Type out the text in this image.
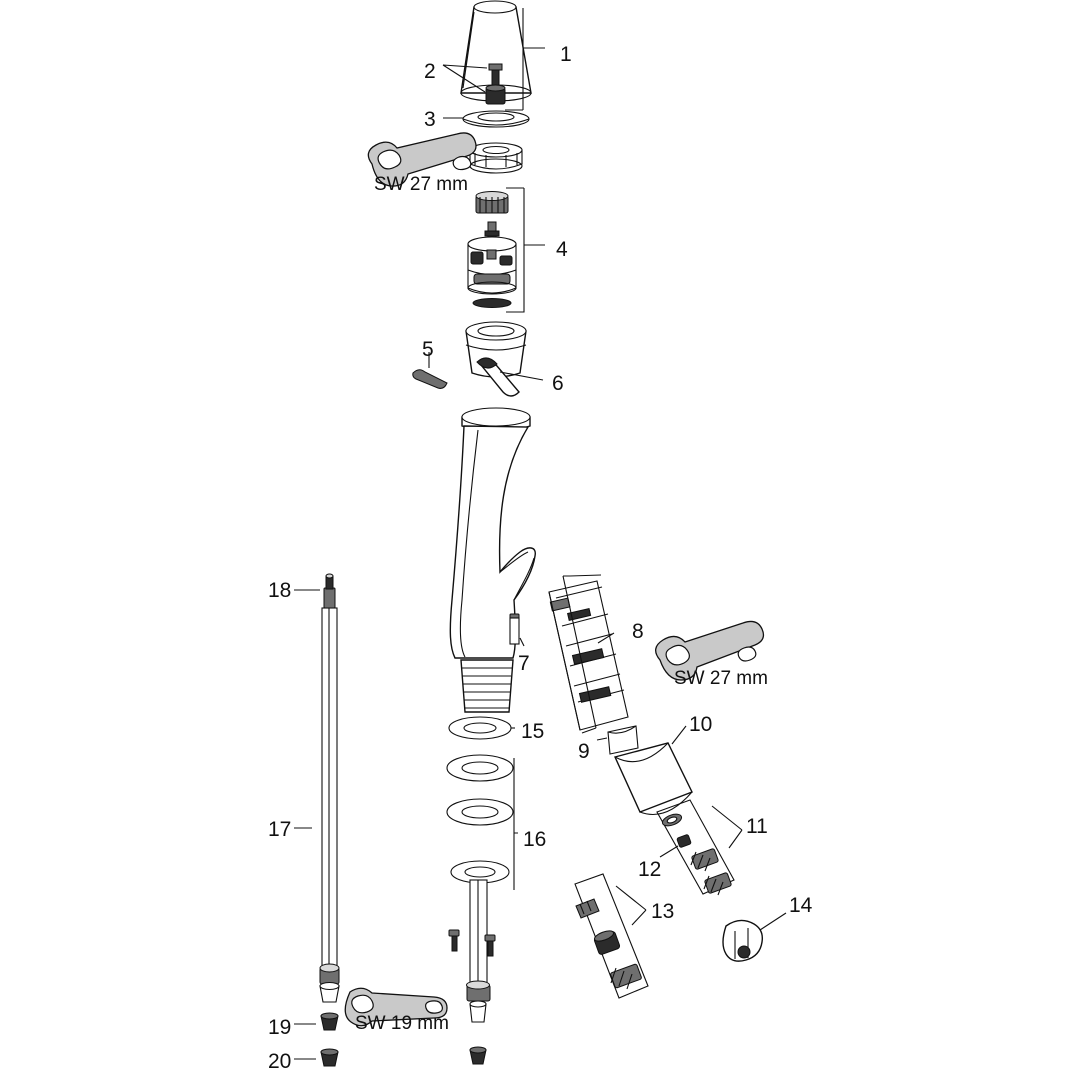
1
2
3
4
5
6
7
8
9
10
11
12
13	14
15
16
17
18
19
20
SW 27 mm
SW 27 mm
SW 19 mm
